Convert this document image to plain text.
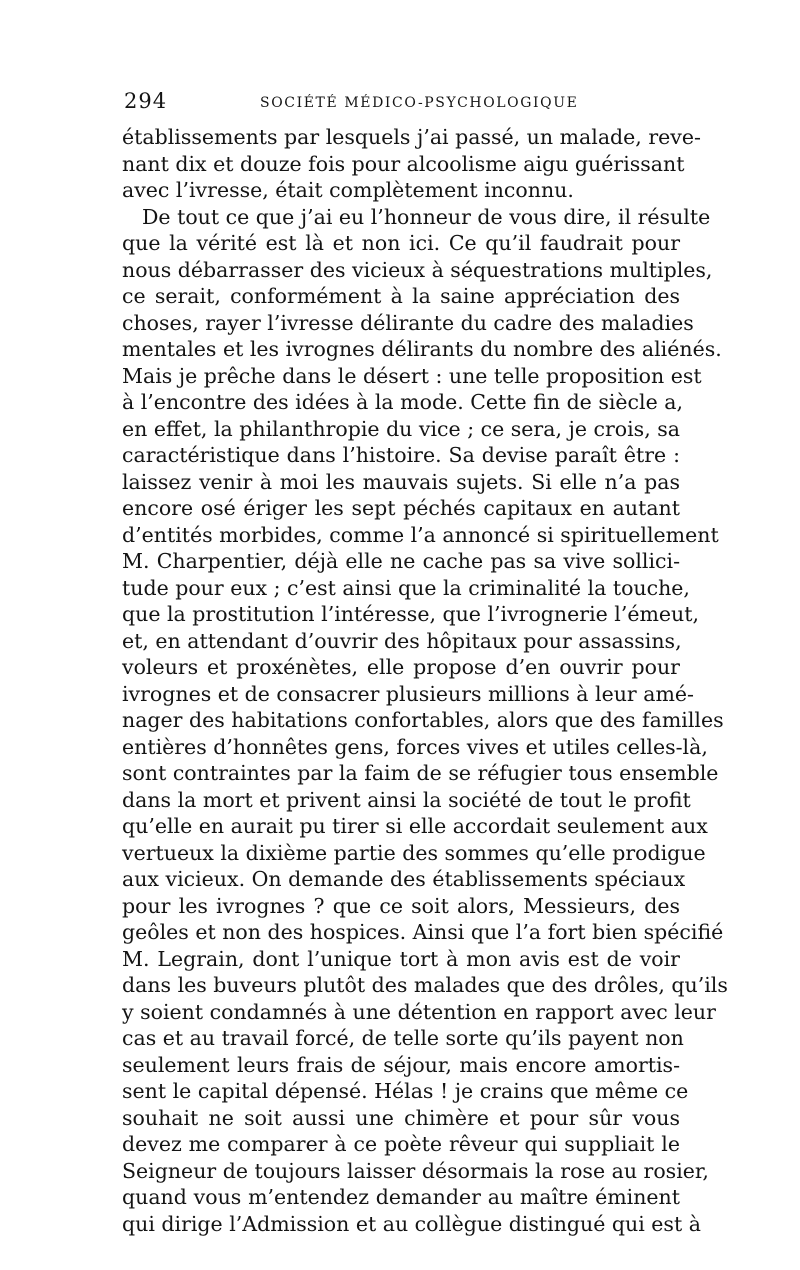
294	SOCIÉTÉ MÉDICO-PSYCHOLOGIQUE
établissements par lesquels j’ai passé, un malade, reve-
nant dix et douze fois pour alcoolisme aigu guérissant
avec l’ivresse, était complètement inconnu.
De tout ce que j’ai eu l’honneur de vous dire, il résulte
que la vérité est là et non ici. Ce qu’il faudrait pour
nous débarrasser des vicieux à séquestrations multiples,
ce serait, conformément à la saine appréciation des
choses, rayer l’ivresse délirante du cadre des maladies
mentales et les ivrognes délirants du nombre des aliénés.
Mais je prêche dans le désert : une telle proposition est
à l’encontre des idées à la mode. Cette fin de siècle a,
en effet, la philanthropie du vice ; ce sera, je crois, sa
caractéristique dans l’histoire. Sa devise paraît être :
laissez venir à moi les mauvais sujets. Si elle n’a pas
encore osé ériger les sept péchés capitaux en autant
d’entités morbides, comme l’a annoncé si spirituellement
M. Charpentier, déjà elle ne cache pas sa vive sollici-
tude pour eux ; c’est ainsi que la criminalité la touche,
que la prostitution l’intéresse, que l’ivrognerie l’émeut,
et, en attendant d’ouvrir des hôpitaux pour assassins,
voleurs et proxénètes, elle propose d’en ouvrir pour
ivrognes et de consacrer plusieurs millions à leur amé-
nager des habitations confortables, alors que des familles
entières d’honnêtes gens, forces vives et utiles celles-là,
sont contraintes par la faim de se réfugier tous ensemble
dans la mort et privent ainsi la société de tout le profit
qu’elle en aurait pu tirer si elle accordait seulement aux
vertueux la dixième partie des sommes qu’elle prodigue
aux vicieux. On demande des établissements spéciaux
pour les ivrognes ? que ce soit alors, Messieurs, des
geôles et non des hospices. Ainsi que l’a fort bien spécifié
M. Legrain, dont l’unique tort à mon avis est de voir
dans les buveurs plutôt des malades que des drôles, qu’ils
y soient condamnés à une détention en rapport avec leur
cas et au travail forcé, de telle sorte qu’ils payent non
seulement leurs frais de séjour, mais encore amortis-
sent le capital dépensé. Hélas ! je crains que même ce
souhait ne soit aussi une chimère et pour sûr vous
devez me comparer à ce poète rêveur qui suppliait le
Seigneur de toujours laisser désormais la rose au rosier,
quand vous m’entendez demander au maître éminent
qui dirige l’Admission et au collègue distingué qui est à
